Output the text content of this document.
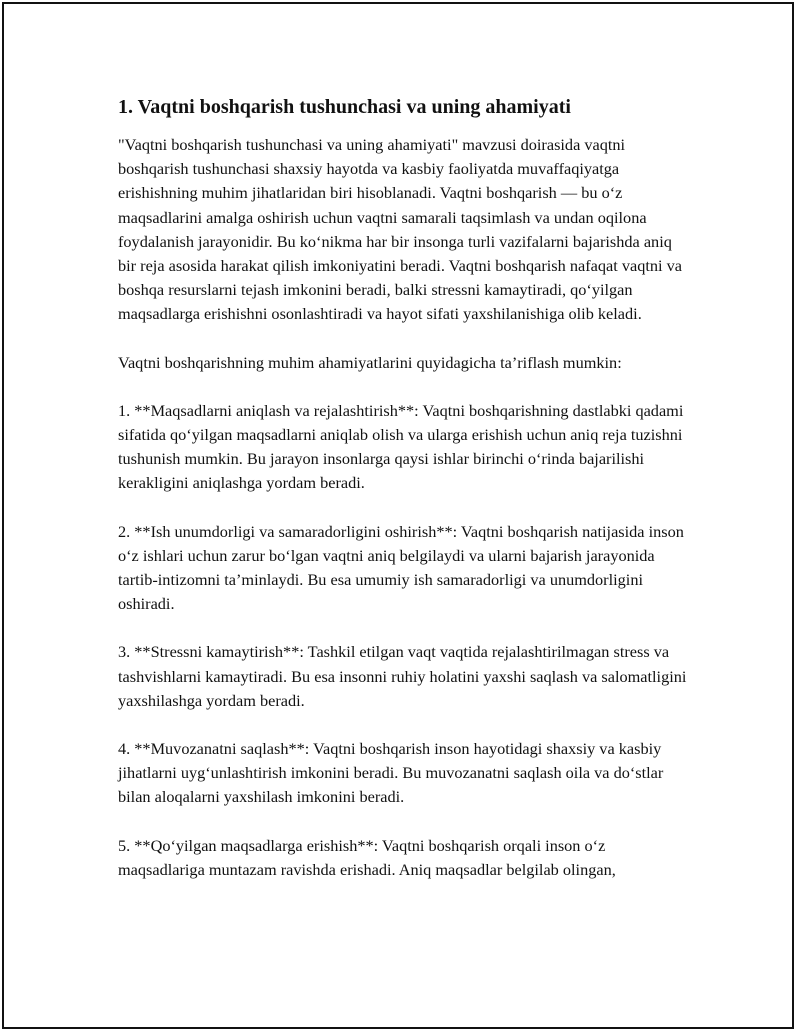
1. Vaqtni boshqarish tushunchasi va uning ahamiyati

"Vaqtni boshqarish tushunchasi va uning ahamiyati" mavzusi doirasida vaqtni boshqarish tushunchasi shaxsiy hayotda va kasbiy faoliyatda muvaffaqiyatga erishishning muhim jihatlaridan biri hisoblanadi. Vaqtni boshqarish — bu o‘z maqsadlarini amalga oshirish uchun vaqtni samarali taqsimlash va undan oqilona foydalanish jarayonidir. Bu ko‘nikma har bir insonga turli vazifalarni bajarishda aniq bir reja asosida harakat qilish imkoniyatini beradi. Vaqtni boshqarish nafaqat vaqtni va boshqa resurslarni tejash imkonini beradi, balki stressni kamaytiradi, qo‘yilgan maqsadlarga erishishni osonlashtiradi va hayot sifati yaxshilanishiga olib keladi.

Vaqtni boshqarishning muhim ahamiyatlarini quyidagicha ta’riflash mumkin:

1. **Maqsadlarni aniqlash va rejalashtirish**: Vaqtni boshqarishning dastlabki qadami sifatida qo‘yilgan maqsadlarni aniqlab olish va ularga erishish uchun aniq reja tuzishni tushunish mumkin. Bu jarayon insonlarga qaysi ishlar birinchi o‘rinda bajarilishi kerakligini aniqlashga yordam beradi.

2. **Ish unumdorligi va samaradorligini oshirish**: Vaqtni boshqarish natijasida inson o‘z ishlari uchun zarur bo‘lgan vaqtni aniq belgilaydi va ularni bajarish jarayonida tartib-intizomni ta’minlaydi. Bu esa umumiy ish samaradorligi va unumdorligini oshiradi.

3. **Stressni kamaytirish**: Tashkil etilgan vaqt vaqtida rejalashtirilmagan stress va tashvishlarni kamaytiradi. Bu esa insonni ruhiy holatini yaxshi saqlash va salomatligini yaxshilashga yordam beradi.

4. **Muvozanatni saqlash**: Vaqtni boshqarish inson hayotidagi shaxsiy va kasbiy jihatlarni uyg‘unlashtirish imkonini beradi. Bu muvozanatni saqlash oila va do‘stlar bilan aloqalarni yaxshilash imkonini beradi.

5. **Qo‘yilgan maqsadlarga erishish**: Vaqtni boshqarish orqali inson o‘z maqsadlariga muntazam ravishda erishadi. Aniq maqsadlar belgilab olingan,
